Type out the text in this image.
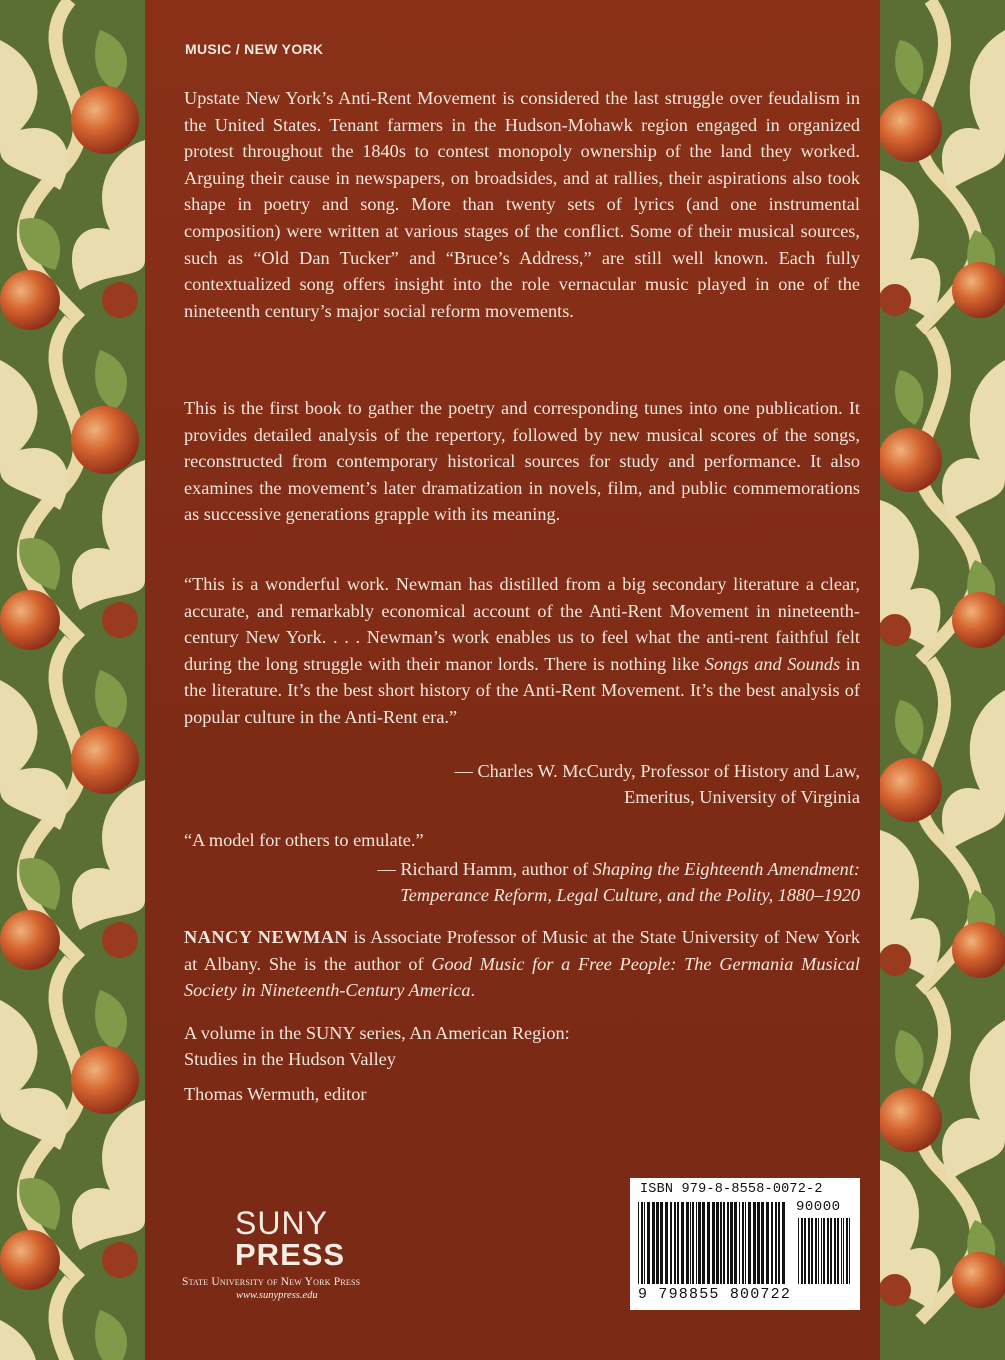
MUSIC / NEW YORK

Upstate New York’s Anti-Rent Movement is considered the last struggle over feudalism in the United States. Tenant farmers in the Hudson-Mohawk region engaged in organized protest throughout the 1840s to contest monopoly ownership of the land they worked. Arguing their cause in newspapers, on broadsides, and at rallies, their aspirations also took shape in poetry and song. More than twenty sets of lyrics (and one instrumental composition) were written at various stages of the conflict. Some of their musical sources, such as “Old Dan Tucker” and “Bruce’s Address,” are still well known. Each fully contextualized song offers insight into the role vernacular music played in one of the nineteenth century’s major social reform movements.

This is the first book to gather the poetry and corresponding tunes into one publication. It provides detailed analysis of the repertory, followed by new musical scores of the songs, reconstructed from contemporary historical sources for study and performance. It also examines the movement’s later dramatization in novels, film, and public commemorations as successive generations grapple with its meaning.

“This is a wonderful work. Newman has distilled from a big secondary literature a clear, accurate, and remarkably economical account of the Anti-Rent Movement in nineteenth-century New York. . . . Newman’s work enables us to feel what the anti-rent faithful felt during the long struggle with their manor lords. There is nothing like Songs and Sounds in the literature. It’s the best short history of the Anti-Rent Movement. It’s the best analysis of popular culture in the Anti-Rent era.”

— Charles W. McCurdy, Professor of History and Law,
Emeritus, University of Virginia
“A model for others to emulate.”
— Richard Hamm, author of Shaping the Eighteenth Amendment:
Temperance Reform, Legal Culture, and the Polity, 1880–1920

NANCY NEWMAN is Associate Professor of Music at the State University of New York at Albany. She is the author of Good Music for a Free People: The Germania Musical Society in Nineteenth-Century America.

A volume in the SUNY series, An American Region:
Studies in the Hudson Valley
Thomas Wermuth, editor
SUNY
PRESS
State University of New York Press
www.sunypress.edu
ISBN 979-8-8558-0072-2
90000
9 798855 800722
